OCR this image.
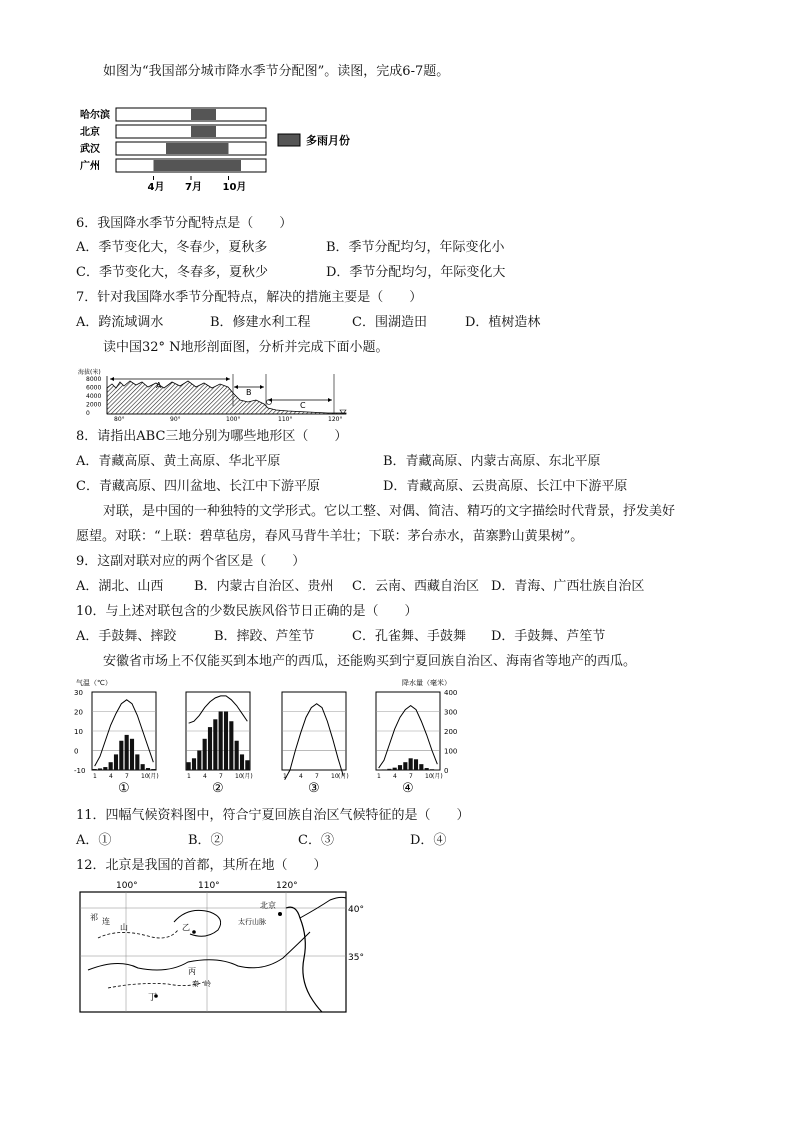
如图为“我国部分城市降水季节分配图”。读图，完成6-7题。
哈尔滨
北京
武汉
广州
多雨月份
4月 7月 10月
6．我国降水季节分配特点是（　　）
A．季节变化大，冬春少，夏秋多	B．季节分配均匀，年际变化小
C．季节变化大，冬春多，夏秋少	D．季节分配均匀，年际变化大
7．针对我国降水季节分配特点，解决的措施主要是（　　）
A．跨流域调水	B．修建水利工程	C．围湖造田	D．植树造林
读中国32° N地形剖面图，分析并完成下面小题。
海拔(米)
8000
6000
4000
2000
0
A
B
C
80°	90°	100°	110°	120°
8．请指出ABC三地分别为哪些地形区（　　）
A．青藏高原、黄土高原、华北平原	B．青藏高原、内蒙古高原、东北平原
C．青藏高原、四川盆地、长江中下游平原	D．青藏高原、云贵高原、长江中下游平原
对联，是中国的一种独特的文学形式。它以工整、对偶、简洁、精巧的文字描绘时代背景，抒发美好
愿望。对联：“上联：碧草毡房，春风马背牛羊壮；下联：茅台赤水，苗寨黔山黄果树”。
9．这副对联对应的两个省区是（　　）
A．湖北、山西 B．内蒙古自治区、贵州 C．云南、西藏自治区 D．青海、广西壮族自治区
10．与上述对联包含的少数民族风俗节日正确的是（　　）
A．手鼓舞、摔跤	B．摔跤、芦笙节	C．孔雀舞、手鼓舞 D．手鼓舞、芦笙节
安徽省市场上不仅能买到本地产的西瓜，还能购买到宁夏回族自治区、海南省等地产的西瓜。
气温（℃）	降水量（毫米）
1 4 7 10 (月)
①
1 4 7 10 (月)
②
1 4 7 10 (月)
③
1 4 7 10 (月)
④
30
20
10
0
-10
400
300
200
100
0
11．四幅气候资料图中，符合宁夏回族自治区气候特征的是（　　）
A．①	B．②	C．③	D．④
12．北京是我国的首都，其所在地（　　）
100°	110°	120°
40°
35°
北京
祁 连
山	乙
太行山脉
丙
丁
秦 岭
